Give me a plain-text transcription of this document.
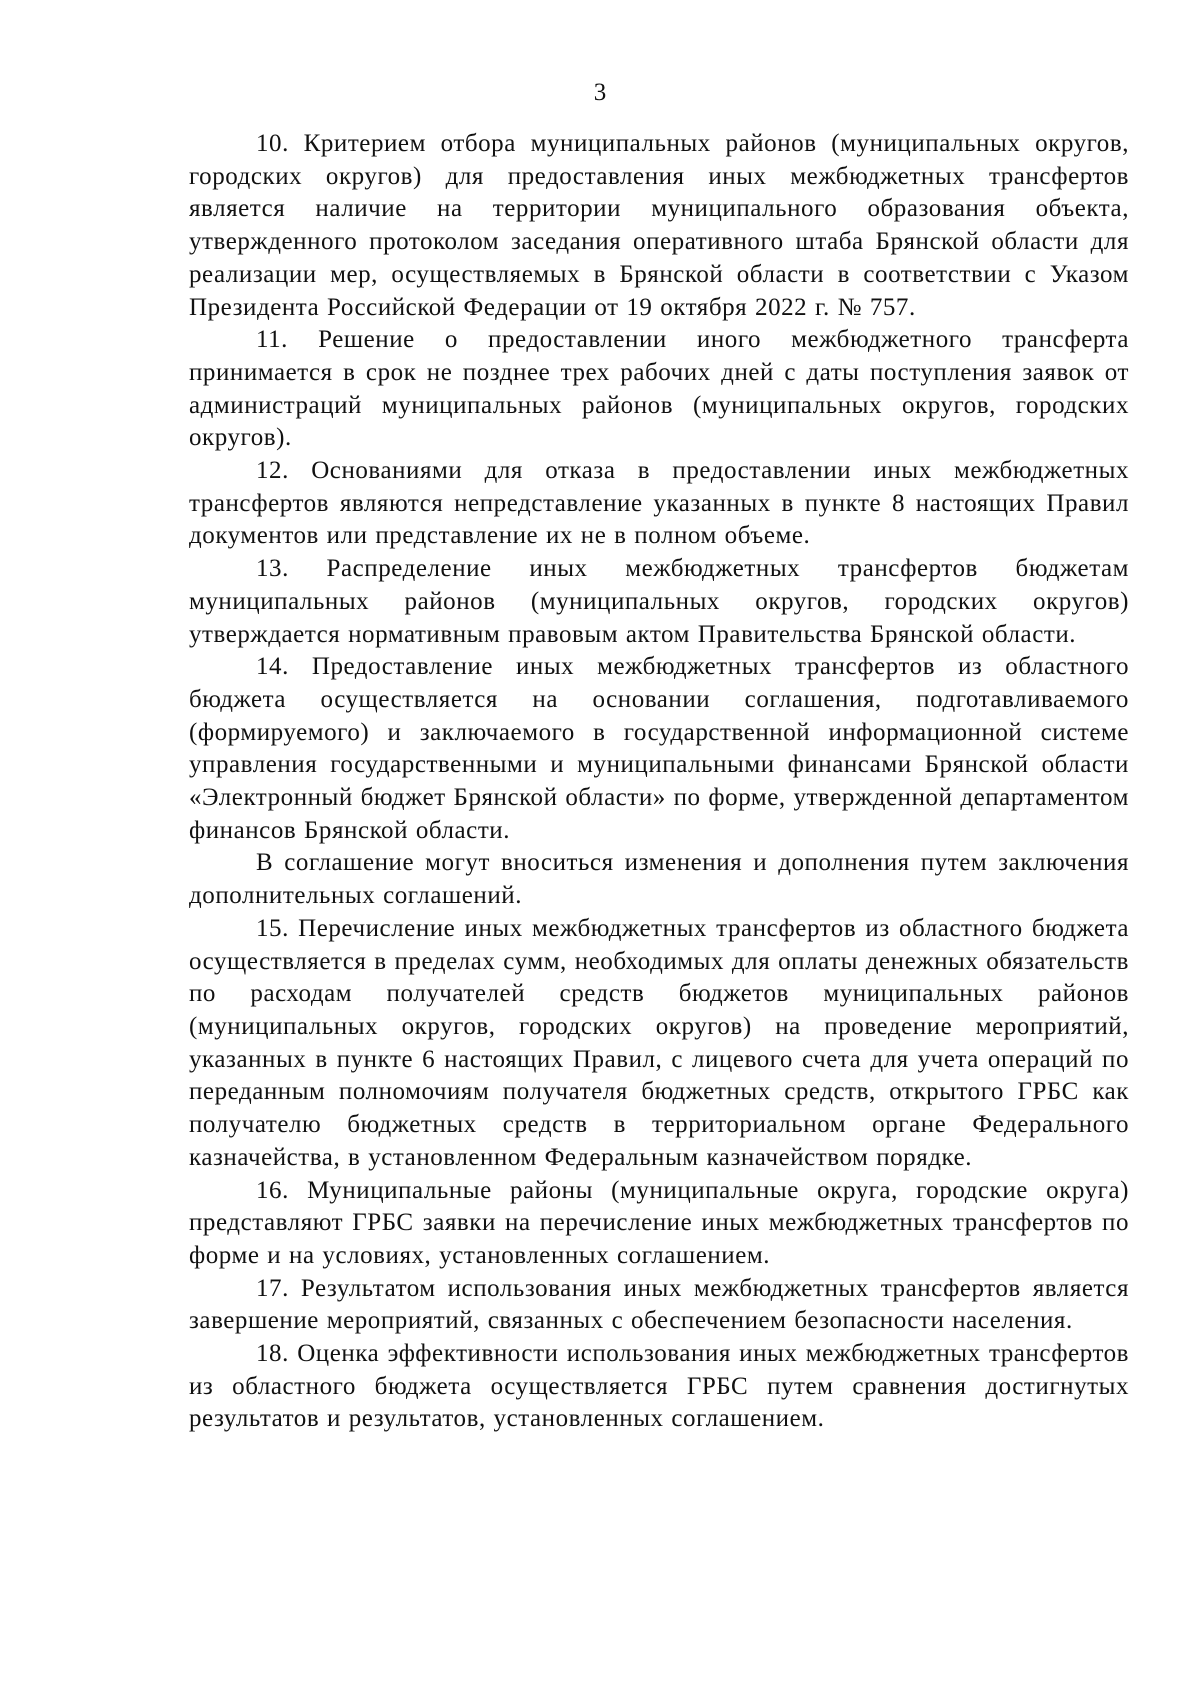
3

10. Критерием отбора муниципальных районов (муниципальных округов, городских округов) для предоставления иных межбюджетных трансфертов является наличие на территории муниципального образования объекта, утвержденного протоколом заседания оперативного штаба Брянской области для реализации мер, осуществляемых в Брянской области в соответствии с Указом Президента Российской Федерации от 19 октября 2022 г. № 757.

11. Решение о предоставлении иного межбюджетного трансферта принимается в срок не позднее трех рабочих дней с даты поступления заявок от администраций муниципальных районов (муниципальных округов, городских округов).

12. Основаниями для отказа в предоставлении иных межбюджетных трансфертов являются непредставление указанных в пункте 8 настоящих Правил документов или представление их не в полном объеме.

13. Распределение иных межбюджетных трансфертов бюджетам муниципальных районов (муниципальных округов, городских округов) утверждается нормативным правовым актом Правительства Брянской области.

14. Предоставление иных межбюджетных трансфертов из областного бюджета осуществляется на основании соглашения, подготавливаемого (формируемого) и заключаемого в государственной информационной системе управления государственными и муниципальными финансами Брянской области «Электронный бюджет Брянской области» по форме, утвержденной департаментом финансов Брянской области.

В соглашение могут вноситься изменения и дополнения путем заключения дополнительных соглашений.

15. Перечисление иных межбюджетных трансфертов из областного бюджета осуществляется в пределах сумм, необходимых для оплаты денежных обязательств по расходам получателей средств бюджетов муниципальных районов (муниципальных округов, городских округов) на проведение мероприятий, указанных в пункте 6 настоящих Правил, с лицевого счета для учета операций по переданным полномочиям получателя бюджетных средств, открытого ГРБС как получателю бюджетных средств в территориальном органе Федерального казначейства, в установленном Федеральным казначейством порядке.

16. Муниципальные районы (муниципальные округа, городские округа) представляют ГРБС заявки на перечисление иных межбюджетных трансфертов по форме и на условиях, установленных соглашением.

17. Результатом использования иных межбюджетных трансфертов является завершение мероприятий, связанных с обеспечением безопасности населения.

18. Оценка эффективности использования иных межбюджетных трансфертов из областного бюджета осуществляется ГРБС путем сравнения достигнутых результатов и результатов, установленных соглашением.
